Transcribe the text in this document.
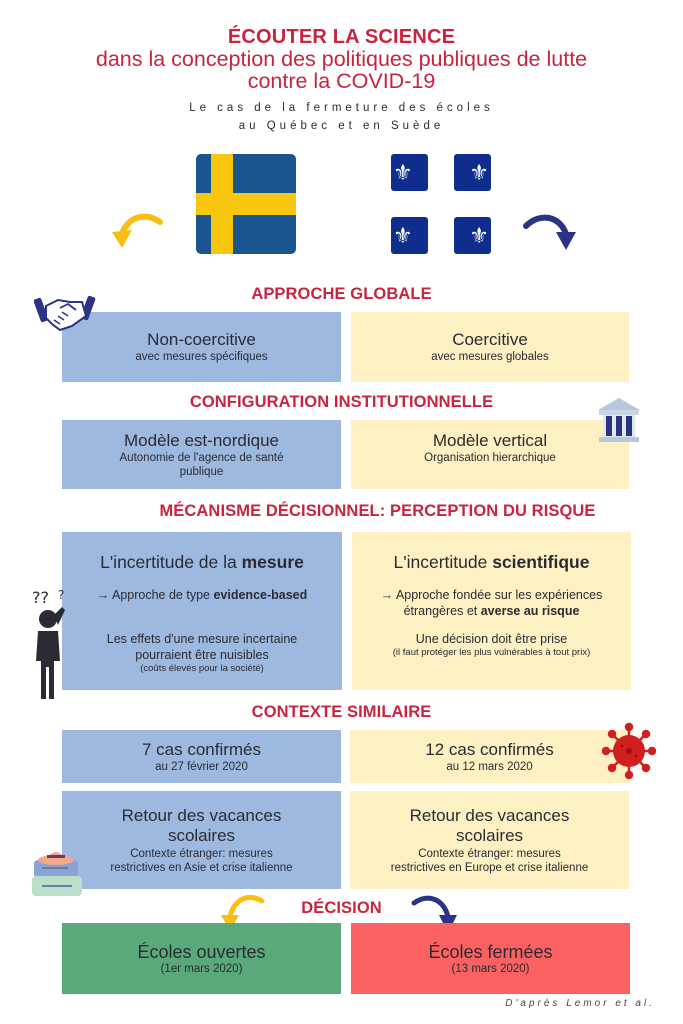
ÉCOUTER LA SCIENCE
dans la conception des politiques publiques de lutte
contre la COVID-19
Le cas de la fermeture des écoles
au Québec et en Suède
⚜	⚜
⚜	⚜
APPROCHE GLOBALE
Non-coercitive
avec mesures spécifiques
Coercitive
avec mesures globales
CONFIGURATION INSTITUTIONNELLE
Modèle est-nordique
Autonomie de l'agence de santé publique
Modèle vertical
Organisation hierarchique
MÉCANISME DÉCISIONNEL: PERCEPTION DU RISQUE
L'incertitude de la mesure
→ Approche de type evidence-based
Les effets d'une mesure incertaine
pourraient être nuisibles
(coûts élevés pour la société)
L'incertitude scientifique
→ Approche fondée sur les expériences
étrangères et averse au risque
Une décision doit être prise
(il faut protéger les plus vulnérables à tout prix)
?? ?
CONTEXTE SIMILAIRE
7 cas confirmés
au 27 février 2020
12 cas confirmés
au 12 mars 2020
Retour des vacances scolaires
Contexte étranger: mesures restrictives en Asie et crise italienne
Retour des vacances scolaires
Contexte étranger: mesures restrictives en Europe et crise italienne
DÉCISION
Écoles ouvertes
(1er mars 2020)
Écoles fermées
(13 mars 2020)
D'après Lemor et al.
